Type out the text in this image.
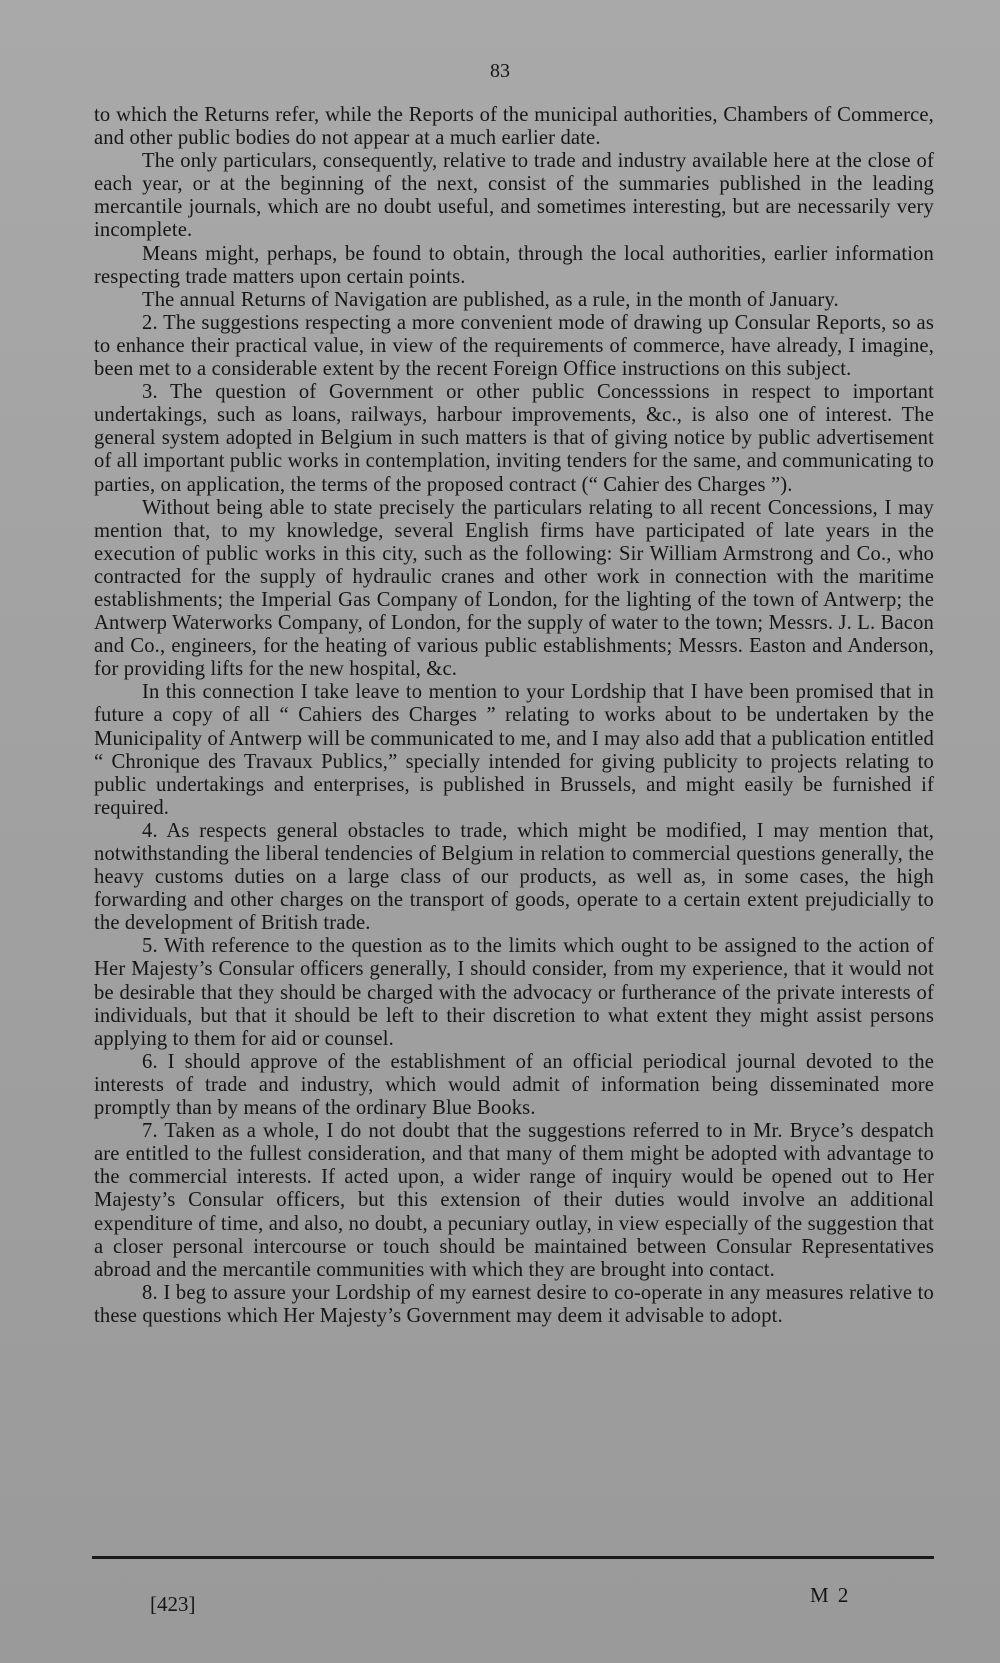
83

to which the Returns refer, while the Reports of the municipal authorities, Chambers of Commerce, and other public bodies do not appear at a much earlier date.

The only particulars, consequently, relative to trade and industry available here at the close of each year, or at the beginning of the next, consist of the summaries published in the leading mercantile journals, which are no doubt useful, and sometimes interesting, but are necessarily very incomplete.

Means might, perhaps, be found to obtain, through the local authorities, earlier information respecting trade matters upon certain points.

The annual Returns of Navigation are published, as a rule, in the month of January.

2. The suggestions respecting a more convenient mode of drawing up Consular Reports, so as to enhance their practical value, in view of the requirements of commerce, have already, I imagine, been met to a considerable extent by the recent Foreign Office instructions on this subject.

3. The question of Government or other public Concesssions in respect to important undertakings, such as loans, railways, harbour improvements, &c., is also one of interest. The general system adopted in Belgium in such matters is that of giving notice by public advertisement of all important public works in contemplation, inviting tenders for the same, and communicating to parties, on application, the terms of the proposed contract (“ Cahier des Charges ”).

Without being able to state precisely the particulars relating to all recent Concessions, I may mention that, to my knowledge, several English firms have participated of late years in the execution of public works in this city, such as the following: Sir William Armstrong and Co., who contracted for the supply of hydraulic cranes and other work in connection with the maritime establishments; the Imperial Gas Company of London, for the lighting of the town of Antwerp; the Antwerp Waterworks Company, of London, for the supply of water to the town; Messrs. J. L. Bacon and Co., engineers, for the heating of various public establishments; Messrs. Easton and Anderson, for providing lifts for the new hospital, &c.

In this connection I take leave to mention to your Lordship that I have been promised that in future a copy of all “ Cahiers des Charges ” relating to works about to be undertaken by the Municipality of Antwerp will be communicated to me, and I may also add that a publication entitled “ Chronique des Travaux Publics,” specially intended for giving publicity to projects relating to public undertakings and enterprises, is published in Brussels, and might easily be furnished if required.

4. As respects general obstacles to trade, which might be modified, I may mention that, notwithstanding the liberal tendencies of Belgium in relation to commercial questions generally, the heavy customs duties on a large class of our products, as well as, in some cases, the high forwarding and other charges on the transport of goods, operate to a certain extent prejudicially to the development of British trade.

5. With reference to the question as to the limits which ought to be assigned to the action of Her Majesty’s Consular officers generally, I should consider, from my experience, that it would not be desirable that they should be charged with the advocacy or furtherance of the private interests of individuals, but that it should be left to their discretion to what extent they might assist persons applying to them for aid or counsel.

6. I should approve of the establishment of an official periodical journal devoted to the interests of trade and industry, which would admit of information being disseminated more promptly than by means of the ordinary Blue Books.

7. Taken as a whole, I do not doubt that the suggestions referred to in Mr. Bryce’s despatch are entitled to the fullest consideration, and that many of them might be adopted with advantage to the commercial interests. If acted upon, a wider range of inquiry would be opened out to Her Majesty’s Consular officers, but this extension of their duties would involve an additional expenditure of time, and also, no doubt, a pecuniary outlay, in view especially of the suggestion that a closer personal intercourse or touch should be maintained between Consular Representatives abroad and the mercantile communities with which they are brought into contact.

8. I beg to assure your Lordship of my earnest desire to co-operate in any measures relative to these questions which Her Majesty’s Government may deem it advisable to adopt.

[423]	M 2
